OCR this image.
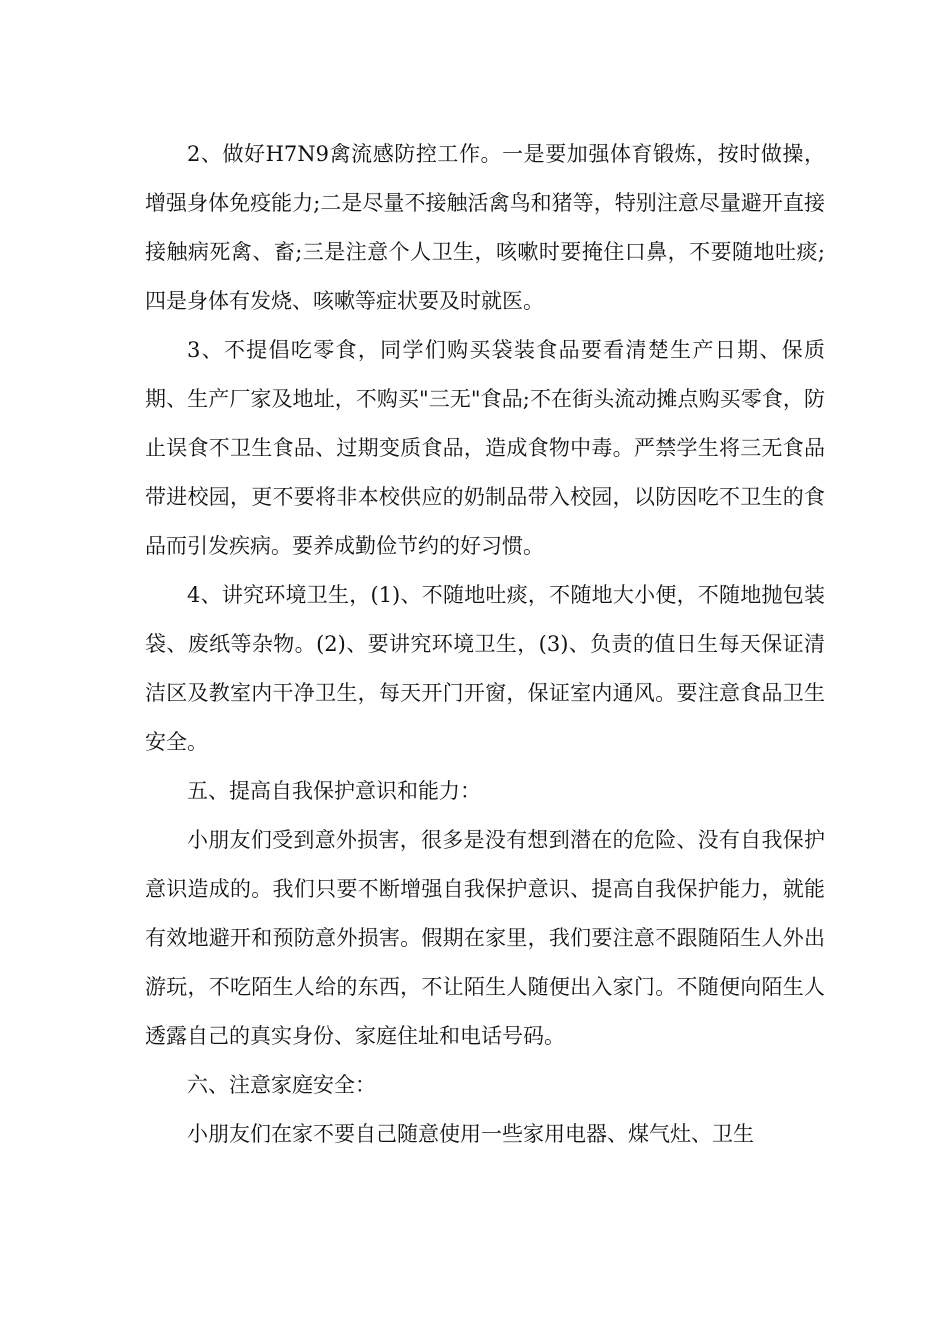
2、做好H7N9禽流感防控工作。一是要加强体育锻炼，按时做操，增强身体免疫能力;二是尽量不接触活禽鸟和猪等，特别注意尽量避开直接接触病死禽、畜;三是注意个人卫生，咳嗽时要掩住口鼻，不要随地吐痰;四是身体有发烧、咳嗽等症状要及时就医。

3、不提倡吃零食，同学们购买袋装食品要看清楚生产日期、保质期、生产厂家及地址，不购买"三无"食品;不在街头流动摊点购买零食，防止误食不卫生食品、过期变质食品，造成食物中毒。严禁学生将三无食品带进校园，更不要将非本校供应的奶制品带入校园，以防因吃不卫生的食品而引发疾病。要养成勤俭节约的好习惯。

4、讲究环境卫生，(1)、不随地吐痰，不随地大小便，不随地抛包装袋、废纸等杂物。(2)、要讲究环境卫生，(3)、负责的值日生每天保证清洁区及教室内干净卫生，每天开门开窗，保证室内通风。要注意食品卫生安全。

五、提高自我保护意识和能力：

小朋友们受到意外损害，很多是没有想到潜在的危险、没有自我保护意识造成的。我们只要不断增强自我保护意识、提高自我保护能力，就能有效地避开和预防意外损害。假期在家里，我们要注意不跟随陌生人外出游玩，不吃陌生人给的东西，不让陌生人随便出入家门。不随便向陌生人透露自己的真实身份、家庭住址和电话号码。

六、注意家庭安全：

小朋友们在家不要自己随意使用一些家用电器、煤气灶、卫生
